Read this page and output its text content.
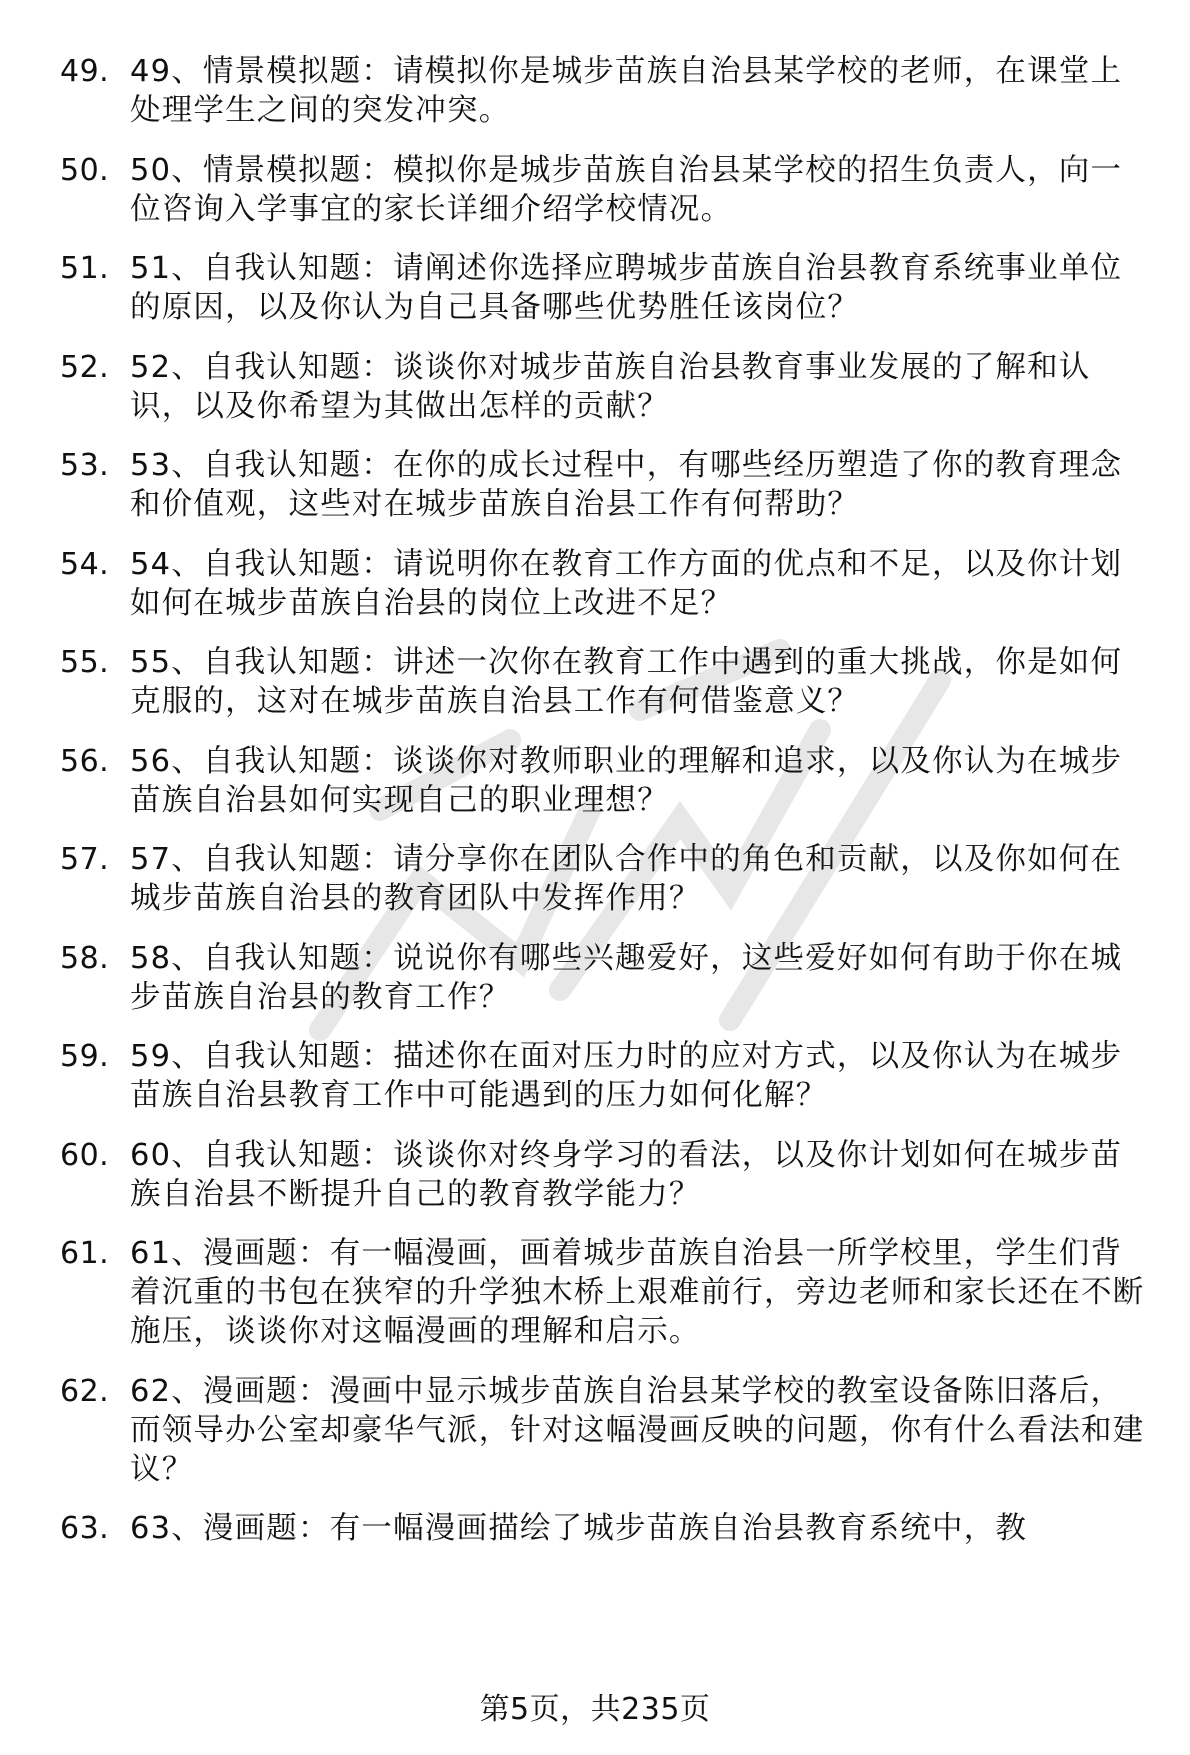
49. 49、情景模拟题：请模拟你是城步苗族自治县某学校的老师，在课堂上处理学生之间的突发冲突。
50. 50、情景模拟题：模拟你是城步苗族自治县某学校的招生负责人，向一位咨询入学事宜的家长详细介绍学校情况。
51. 51、自我认知题：请阐述你选择应聘城步苗族自治县教育系统事业单位的原因，以及你认为自己具备哪些优势胜任该岗位？
52. 52、自我认知题：谈谈你对城步苗族自治县教育事业发展的了解和认识，以及你希望为其做出怎样的贡献？
53. 53、自我认知题：在你的成长过程中，有哪些经历塑造了你的教育理念和价值观，这些对在城步苗族自治县工作有何帮助？
54. 54、自我认知题：请说明你在教育工作方面的优点和不足，以及你计划如何在城步苗族自治县的岗位上改进不足？
55. 55、自我认知题：讲述一次你在教育工作中遇到的重大挑战，你是如何克服的，这对在城步苗族自治县工作有何借鉴意义？
56. 56、自我认知题：谈谈你对教师职业的理解和追求，以及你认为在城步苗族自治县如何实现自己的职业理想？
57. 57、自我认知题：请分享你在团队合作中的角色和贡献，以及你如何在城步苗族自治县的教育团队中发挥作用？
58. 58、自我认知题：说说你有哪些兴趣爱好，这些爱好如何有助于你在城步苗族自治县的教育工作？
59. 59、自我认知题：描述你在面对压力时的应对方式，以及你认为在城步苗族自治县教育工作中可能遇到的压力如何化解？
60. 60、自我认知题：谈谈你对终身学习的看法，以及你计划如何在城步苗族自治县不断提升自己的教育教学能力？
61. 61、漫画题：有一幅漫画，画着城步苗族自治县一所学校里，学生们背着沉重的书包在狭窄的升学独木桥上艰难前行，旁边老师和家长还在不断施压，谈谈你对这幅漫画的理解和启示。
62. 62、漫画题：漫画中显示城步苗族自治县某学校的教室设备陈旧落后，而领导办公室却豪华气派，针对这幅漫画反映的问题，你有什么看法和建议？
63. 63、漫画题：有一幅漫画描绘了城步苗族自治县教育系统中，教
第5页，共235页
